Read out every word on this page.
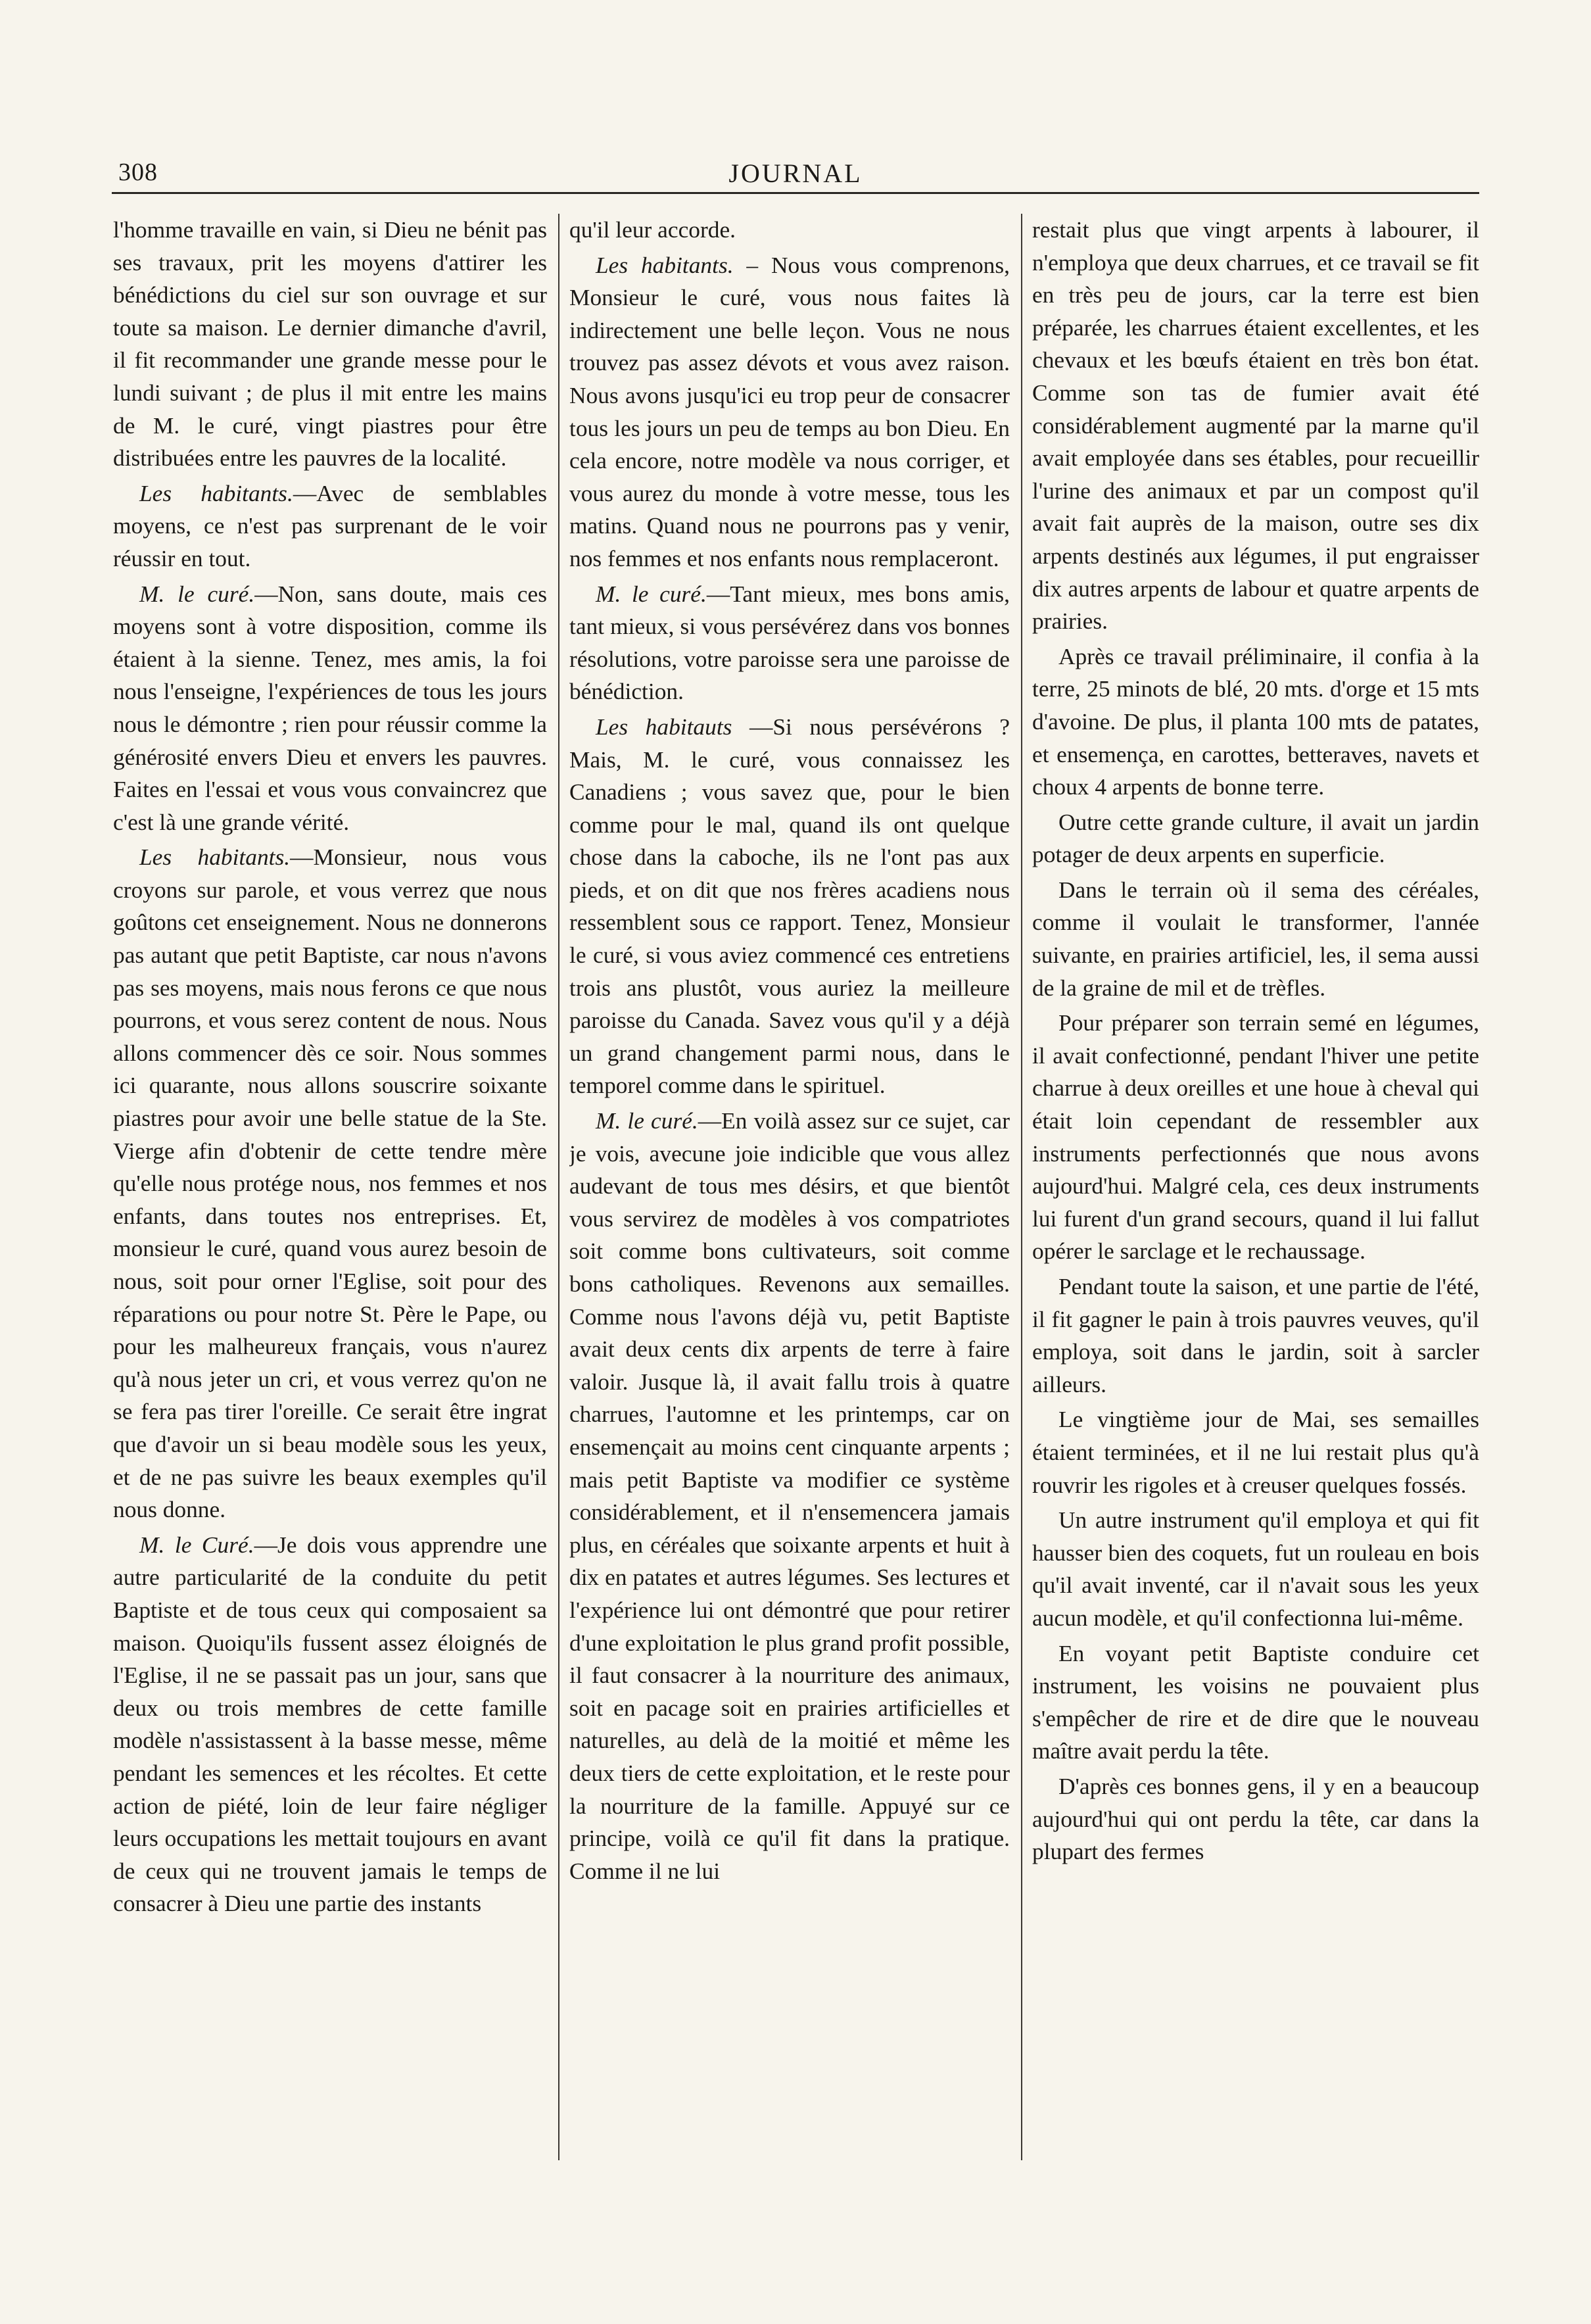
308	JOURNAL

l'homme travaille en vain, si Dieu ne bénit pas ses travaux, prit les moyens d'attirer les bénédictions du ciel sur son ouvrage et sur toute sa maison. Le dernier dimanche d'avril, il fit recommander une grande messe pour le lundi suivant ; de plus il mit entre les mains de M. le curé, vingt piastres pour être distribuées entre les pauvres de la localité.

Les habitants.—Avec de semblables moyens, ce n'est pas surprenant de le voir réussir en tout.

M. le curé.—Non, sans doute, mais ces moyens sont à votre disposition, comme ils étaient à la sienne. Tenez, mes amis, la foi nous l'enseigne, l'expériences de tous les jours nous le démontre ; rien pour réussir comme la générosité envers Dieu et envers les pauvres. Faites en l'essai et vous vous convaincrez que c'est là une grande vérité.

Les habitants.—Monsieur, nous vous croyons sur parole, et vous verrez que nous goûtons cet enseignement. Nous ne donnerons pas autant que petit Baptiste, car nous n'avons pas ses moyens, mais nous ferons ce que nous pourrons, et vous serez content de nous. Nous allons commencer dès ce soir. Nous sommes ici quarante, nous allons souscrire soixante piastres pour avoir une belle statue de la Ste. Vierge afin d'obtenir de cette tendre mère qu'elle nous protége nous, nos femmes et nos enfants, dans toutes nos entreprises. Et, monsieur le curé, quand vous aurez besoin de nous, soit pour orner l'Eglise, soit pour des réparations ou pour notre St. Père le Pape, ou pour les malheureux français, vous n'aurez qu'à nous jeter un cri, et vous verrez qu'on ne se fera pas tirer l'oreille. Ce serait être ingrat que d'avoir un si beau modèle sous les yeux, et de ne pas suivre les beaux exemples qu'il nous donne.

M. le Curé.—Je dois vous apprendre une autre particularité de la conduite du petit Baptiste et de tous ceux qui composaient sa maison. Quoiqu'ils fussent assez éloignés de l'Eglise, il ne se passait pas un jour, sans que deux ou trois membres de cette famille modèle n'assistassent à la basse messe, même pendant les semences et les récoltes. Et cette action de piété, loin de leur faire négliger leurs occupations les mettait toujours en avant de ceux qui ne trouvent jamais le temps de consacrer à Dieu une partie des instants

qu'il leur accorde.

Les habitants. – Nous vous comprenons, Monsieur le curé, vous nous faites là indirectement une belle leçon. Vous ne nous trouvez pas assez dévots et vous avez raison. Nous avons jusqu'ici eu trop peur de consacrer tous les jours un peu de temps au bon Dieu. En cela encore, notre modèle va nous corriger, et vous aurez du monde à votre messe, tous les matins. Quand nous ne pourrons pas y venir, nos femmes et nos enfants nous remplaceront.

M. le curé.—Tant mieux, mes bons amis, tant mieux, si vous persévérez dans vos bonnes résolutions, votre paroisse sera une paroisse de bénédiction.

Les habitauts —Si nous persévérons ? Mais, M. le curé, vous connaissez les Canadiens ; vous savez que, pour le bien comme pour le mal, quand ils ont quelque chose dans la caboche, ils ne l'ont pas aux pieds, et on dit que nos frères acadiens nous ressemblent sous ce rapport. Tenez, Monsieur le curé, si vous aviez commencé ces entretiens trois ans plustôt, vous auriez la meilleure paroisse du Canada. Savez vous qu'il y a déjà un grand changement parmi nous, dans le temporel comme dans le spirituel.

M. le curé.—En voilà assez sur ce sujet, car je vois, avecune joie indicible que vous allez audevant de tous mes désirs, et que bientôt vous servirez de modèles à vos compatriotes soit comme bons cultivateurs, soit comme bons catholiques. Revenons aux semailles. Comme nous l'avons déjà vu, petit Baptiste avait deux cents dix arpents de terre à faire valoir. Jusque là, il avait fallu trois à quatre charrues, l'automne et les printemps, car on ensemençait au moins cent cinquante arpents ; mais petit Baptiste va modifier ce système considérablement, et il n'ensemencera jamais plus, en céréales que soixante arpents et huit à dix en patates et autres légumes. Ses lectures et l'expérience lui ont démontré que pour retirer d'une exploitation le plus grand profit possible, il faut consacrer à la nourriture des animaux, soit en pacage soit en prairies artificielles et naturelles, au delà de la moitié et même les deux tiers de cette exploitation, et le reste pour la nourriture de la famille. Appuyé sur ce principe, voilà ce qu'il fit dans la pratique. Comme il ne lui

restait plus que vingt arpents à labourer, il n'employa que deux charrues, et ce travail se fit en très peu de jours, car la terre est bien préparée, les charrues étaient excellentes, et les chevaux et les bœufs étaient en très bon état. Comme son tas de fumier avait été considérablement augmenté par la marne qu'il avait employée dans ses étables, pour recueillir l'urine des animaux et par un compost qu'il avait fait auprès de la maison, outre ses dix arpents destinés aux légumes, il put engraisser dix autres arpents de labour et quatre arpents de prairies.

Après ce travail préliminaire, il confia à la terre, 25 minots de blé, 20 mts. d'orge et 15 mts d'avoine. De plus, il planta 100 mts de patates, et ensemença, en carottes, betteraves, navets et choux 4 arpents de bonne terre.

Outre cette grande culture, il avait un jardin potager de deux arpents en superficie.

Dans le terrain où il sema des céréales, comme il voulait le transformer, l'année suivante, en prairies artificiel, les, il sema aussi de la graine de mil et de trèfles.

Pour préparer son terrain semé en légumes, il avait confectionné, pendant l'hiver une petite charrue à deux oreilles et une houe à cheval qui était loin cependant de ressembler aux instruments perfectionnés que nous avons aujourd'hui. Malgré cela, ces deux instruments lui furent d'un grand secours, quand il lui fallut opérer le sarclage et le rechaussage.

Pendant toute la saison, et une partie de l'été, il fit gagner le pain à trois pauvres veuves, qu'il employa, soit dans le jardin, soit à sarcler ailleurs.

Le vingtième jour de Mai, ses semailles étaient terminées, et il ne lui restait plus qu'à rouvrir les rigoles et à creuser quelques fossés.

Un autre instrument qu'il employa et qui fit hausser bien des coquets, fut un rouleau en bois qu'il avait inventé, car il n'avait sous les yeux aucun modèle, et qu'il confectionna lui-même.

En voyant petit Baptiste conduire cet instrument, les voisins ne pouvaient plus s'empêcher de rire et de dire que le nouveau maître avait perdu la tête.

D'après ces bonnes gens, il y en a beaucoup aujourd'hui qui ont perdu la tête, car dans la plupart des fermes
